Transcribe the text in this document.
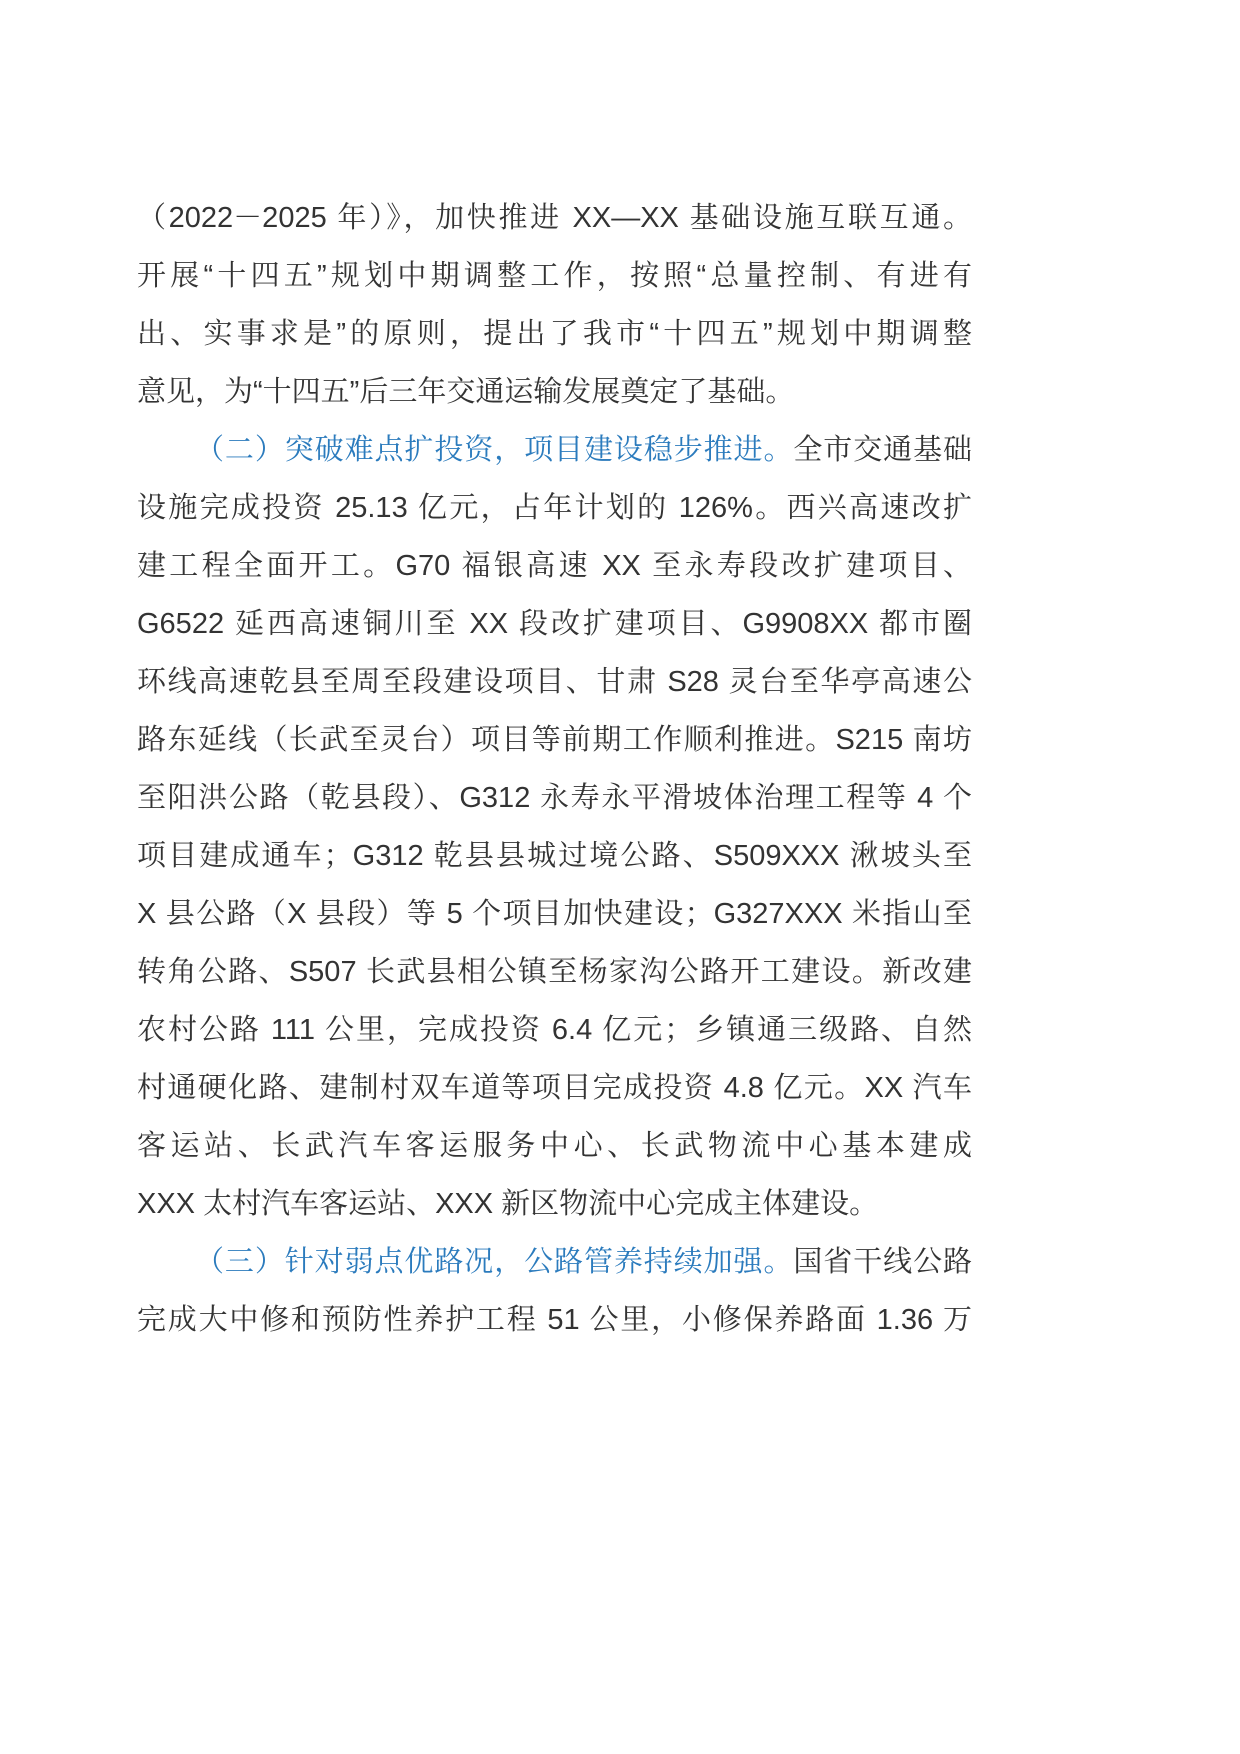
（2022－2025 年）》，加快推进 XX—XX 基础设施互联互通。
开展“十四五”规划中期调整工作，按照“总量控制、有进有
出、实事求是”的原则，提出了我市“十四五”规划中期调整
意见，为“十四五”后三年交通运输发展奠定了基础。
（二）突破难点扩投资，项目建设稳步推进。全市交通基础
设施完成投资 25.13 亿元，占年计划的 126%。西兴高速改扩
建工程全面开工。G70 福银高速 XX 至永寿段改扩建项目、
G6522 延西高速铜川至 XX 段改扩建项目、G9908XX 都市圈
环线高速乾县至周至段建设项目、甘肃 S28 灵台至华亭高速公
路东延线（长武至灵台）项目等前期工作顺利推进。S215 南坊
至阳洪公路（乾县段）、G312 永寿永平滑坡体治理工程等 4 个
项目建成通车；G312 乾县县城过境公路、S509XXX 湫坡头至
X 县公路（X 县段）等 5 个项目加快建设；G327XXX 米指山至
转角公路、S507 长武县相公镇至杨家沟公路开工建设。新改建
农村公路 111 公里，完成投资 6.4 亿元；乡镇通三级路、自然
村通硬化路、建制村双车道等项目完成投资 4.8 亿元。XX 汽车
客运站、长武汽车客运服务中心、长武物流中心基本建成
XXX 太村汽车客运站、XXX 新区物流中心完成主体建设。
（三）针对弱点优路况，公路管养持续加强。国省干线公路
完成大中修和预防性养护工程 51 公里，小修保养路面 1.36 万
